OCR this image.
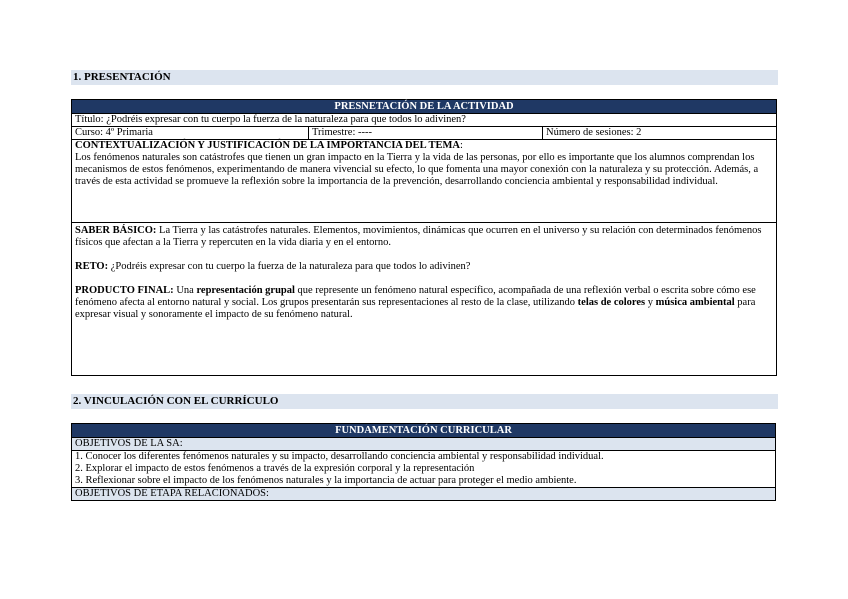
1. PRESENTACIÓN
PRESNETACIÓN DE LA ACTIVIDAD
Título: ¿Podréis expresar con tu cuerpo la fuerza de la naturaleza para que todos lo adivinen?
Curso: 4º Primaria	Trimestre: ----	Número de sesiones: 2

CONTEXTUALIZACIÓN Y JUSTIFICACIÓN DE LA IMPORTANCIA DEL TEMA:

Los fenómenos naturales son catástrofes que tienen un gran impacto en la Tierra y la vida de las personas, por ello es importante que los alumnos comprendan los mecanismos de estos fenómenos, experimentando de manera vivencial su efecto, lo que fomenta una mayor conexión con la naturaleza y su protección. Además, a través de esta actividad se promueve la reflexión sobre la importancia de la prevención, desarrollando conciencia ambiental y responsabilidad individual.

SABER BÁSICO: La Tierra y las catástrofes naturales. Elementos, movimientos, dinámicas que ocurren en el universo y su relación con determinados fenómenos físicos que afectan a la Tierra y repercuten en la vida diaria y en el entorno.

RETO: ¿Podréis expresar con tu cuerpo la fuerza de la naturaleza para que todos lo adivinen?

PRODUCTO FINAL: Una representación grupal que represente un fenómeno natural específico, acompañada de una reflexión verbal o escrita sobre cómo ese fenómeno afecta al entorno natural y social. Los grupos presentarán sus representaciones al resto de la clase, utilizando telas de colores y música ambiental para expresar visual y sonoramente el impacto de su fenómeno natural.

2. VINCULACIÓN CON EL CURRÍCULO
FUNDAMENTACIÓN CURRICULAR
OBJETIVOS DE LA SA:

1. Conocer los diferentes fenómenos naturales y su impacto, desarrollando conciencia ambiental y responsabilidad individual.

2. Explorar el impacto de estos fenómenos a través de la expresión corporal y la representación

3. Reflexionar sobre el impacto de los fenómenos naturales y la importancia de actuar para proteger el medio ambiente.

OBJETIVOS DE ETAPA RELACIONADOS:
